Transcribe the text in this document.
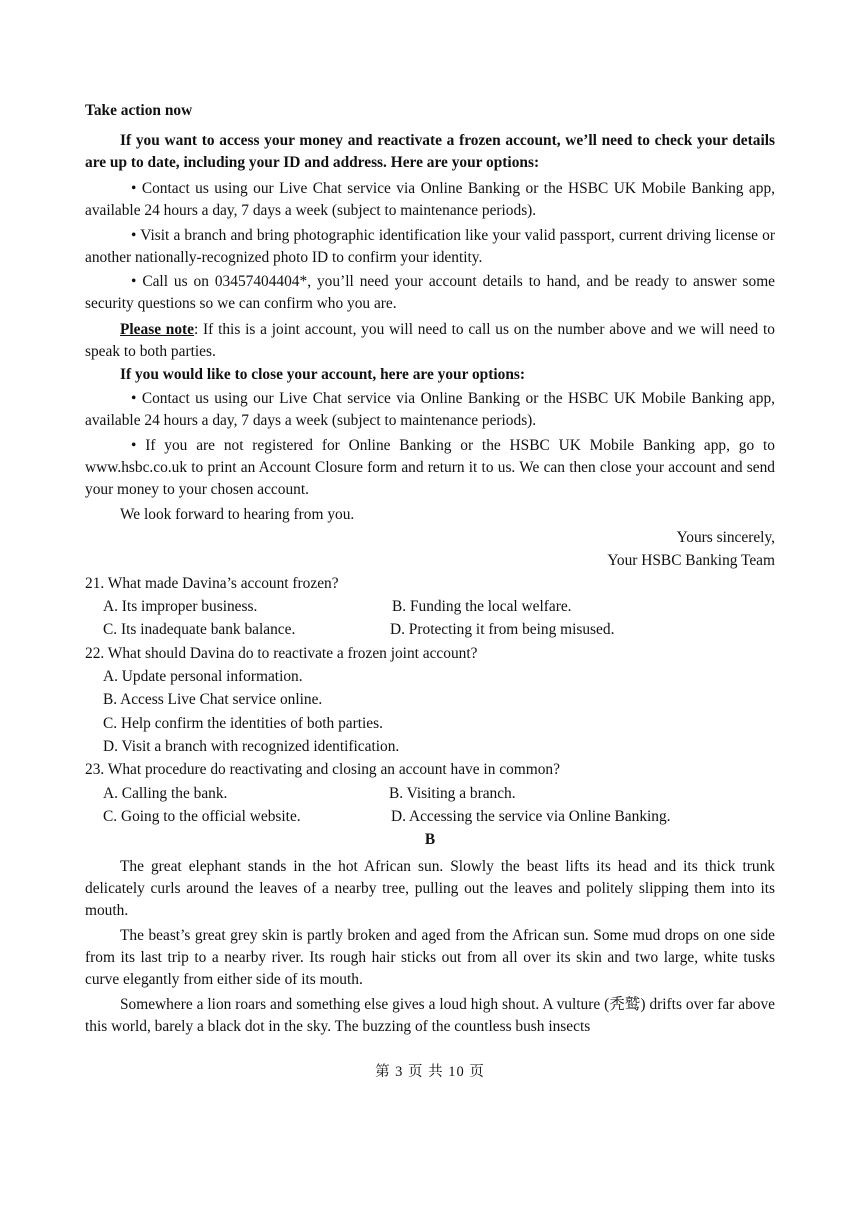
Take action now
If you want to access your money and reactivate a frozen account, we’ll need to check your details are up to date, including your ID and address. Here are your options:
• Contact us using our Live Chat service via Online Banking or the HSBC UK Mobile Banking app, available 24 hours a day, 7 days a week (subject to maintenance periods).
• Visit a branch and bring photographic identification like your valid passport, current driving license or another nationally-recognized photo ID to confirm your identity.
• Call us on 03457404404*, you’ll need your account details to hand, and be ready to answer some security questions so we can confirm who you are.
Please note: If this is a joint account, you will need to call us on the number above and we will need to speak to both parties.
If you would like to close your account, here are your options:
• Contact us using our Live Chat service via Online Banking or the HSBC UK Mobile Banking app, available 24 hours a day, 7 days a week (subject to maintenance periods).
• If you are not registered for Online Banking or the HSBC UK Mobile Banking app, go to www.hsbc.co.uk to print an Account Closure form and return it to us. We can then close your account and send your money to your chosen account.
We look forward to hearing from you.
Yours sincerely,
Your HSBC Banking Team
21. What made Davina’s account frozen?
A. Its improper business.	B. Funding the local welfare.
C. Its inadequate bank balance.	D. Protecting it from being misused.
22. What should Davina do to reactivate a frozen joint account?
A. Update personal information.
B. Access Live Chat service online.
C. Help confirm the identities of both parties.
D. Visit a branch with recognized identification.
23. What procedure do reactivating and closing an account have in common?
A. Calling the bank.	B. Visiting a branch.
C. Going to the official website.	D. Accessing the service via Online Banking.
B
The great elephant stands in the hot African sun. Slowly the beast lifts its head and its thick trunk delicately curls around the leaves of a nearby tree, pulling out the leaves and politely slipping them into its mouth.
The beast’s great grey skin is partly broken and aged from the African sun. Some mud drops on one side from its last trip to a nearby river. Its rough hair sticks out from all over its skin and two large, white tusks curve elegantly from either side of its mouth.
Somewhere a lion roars and something else gives a loud high shout. A vulture (秃鹫) drifts over far above this world, barely a black dot in the sky. The buzzing of the countless bush insects
第 3 页 共 10 页
